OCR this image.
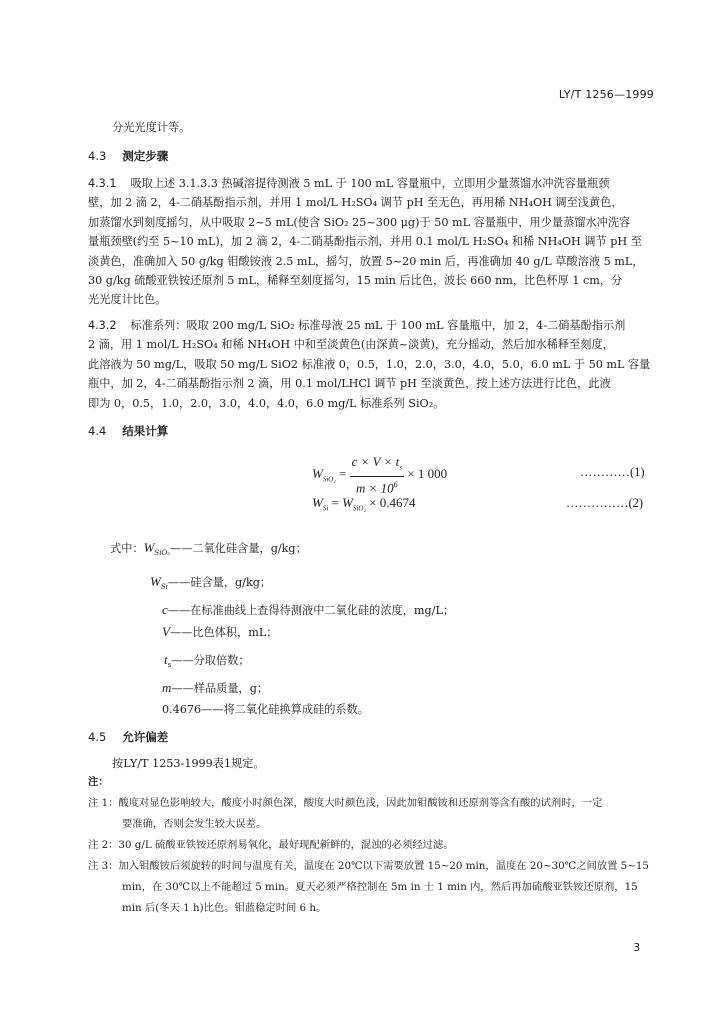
LY/T 1256—1999
分光光度计等。
4.3 测定步骤
4.3.1 吸取上述 3.1.3.3 热碱溶提待测液 5 mL 于 100 mL 容量瓶中，立即用少量蒸馏水冲洗容量瓶颈
壁，加 2 滴 2，4-二硝基酚指示剂，并用 1 mol/L H₂SO₄ 调节 pH 至无色，再用稀 NH₄OH 调至浅黄色，
加蒸馏水到刻度摇匀，从中吸取 2~5 mL(使含 SiO₂ 25~300 μg)于 50 mL 容量瓶中，用少量蒸馏水冲洗容
量瓶颈壁(约至 5~10 mL)，加 2 滴 2，4-二硝基酚指示剂，并用 0.1 mol/L H₂SO₄ 和稀 NH₄OH 调节 pH 至
淡黄色，准确加入 50 g/kg 钼酸铵液 2.5 mL，摇匀，放置 5~20 min 后，再准确加 40 g/L 草酸溶液 5 mL，
30 g/kg 硫酸亚铁铵还原剂 5 mL，稀释至刻度摇匀，15 min 后比色，波长 660 nm，比色杯厚 1 cm，分
光光度计比色。
4.3.2 标准系列：吸取 200 mg/L SiO₂ 标准母液 25 mL 于 100 mL 容量瓶中，加 2，4-二硝基酚指示剂
2 滴，用 1 mol/L H₂SO₄ 和稀 NH₄OH 中和至淡黄色(由深黄~淡黄)，充分摇动，然后加水稀释至刻度，
此溶液为 50 mg/L，吸取 50 mg/L SiO2 标准液 0，0.5，1.0，2.0，3.0，4.0，5.0，6.0 mL 于 50 mL 容量
瓶中，加 2，4-二硝基酚指示剂 2 滴，用 0.1 mol/LHCl 调节 pH 至淡黄色，按上述方法进行比色，此液
即为 0，0.5，1.0，2.0，3.0，4.0，4.0，6.0 mg/L 标准系列 SiO₂。
4.4 结果计算
$W_{SiO_2} = \frac{c \times V \times t_s}{m \times 10^6} \times 1$ 000	…………(1)
$W_{Si} = W_{SiO_2} \times 0.4674$	……………(2)
式中：$W_{SiO_2}——$二氧化硅含量，g/kg；
$W_{Si}——$硅含量，g/kg；
c——在标准曲线上查得待测液中二氧化硅的浓度，mg/L；
V——比色体积，mL；
$t_s——$分取倍数；
m——样品质量，g；
0.4676——将二氧化硅换算成硅的系数。
4.5 允许偏差
按LY/T 1253-1999表1规定。
注：
注 1：酸度对显色影响较大，酸度小时颜色深，酸度大时颜色浅，因此加钼酸铵和还原剂等含有酸的试剂时，一定
要准确，否则会发生较大误差。
注 2：30 g/L 硫酸亚铁铵还原剂易氧化，最好现配新鲜的，混浊的必须经过滤。
注 3：加入钼酸铵后须旋转的时间与温度有关，温度在 20℃以下需要放置 15~20 min，温度在 20~30℃之间放置 5~15
min，在 30℃以上不能超过 5 min。夏天必须严格控制在 5m in 士 1 min 内，然后再加硫酸亚铁铵还原剂，15
min 后(冬天 1 h)比色。钼蓝稳定时间 6 h。
3
